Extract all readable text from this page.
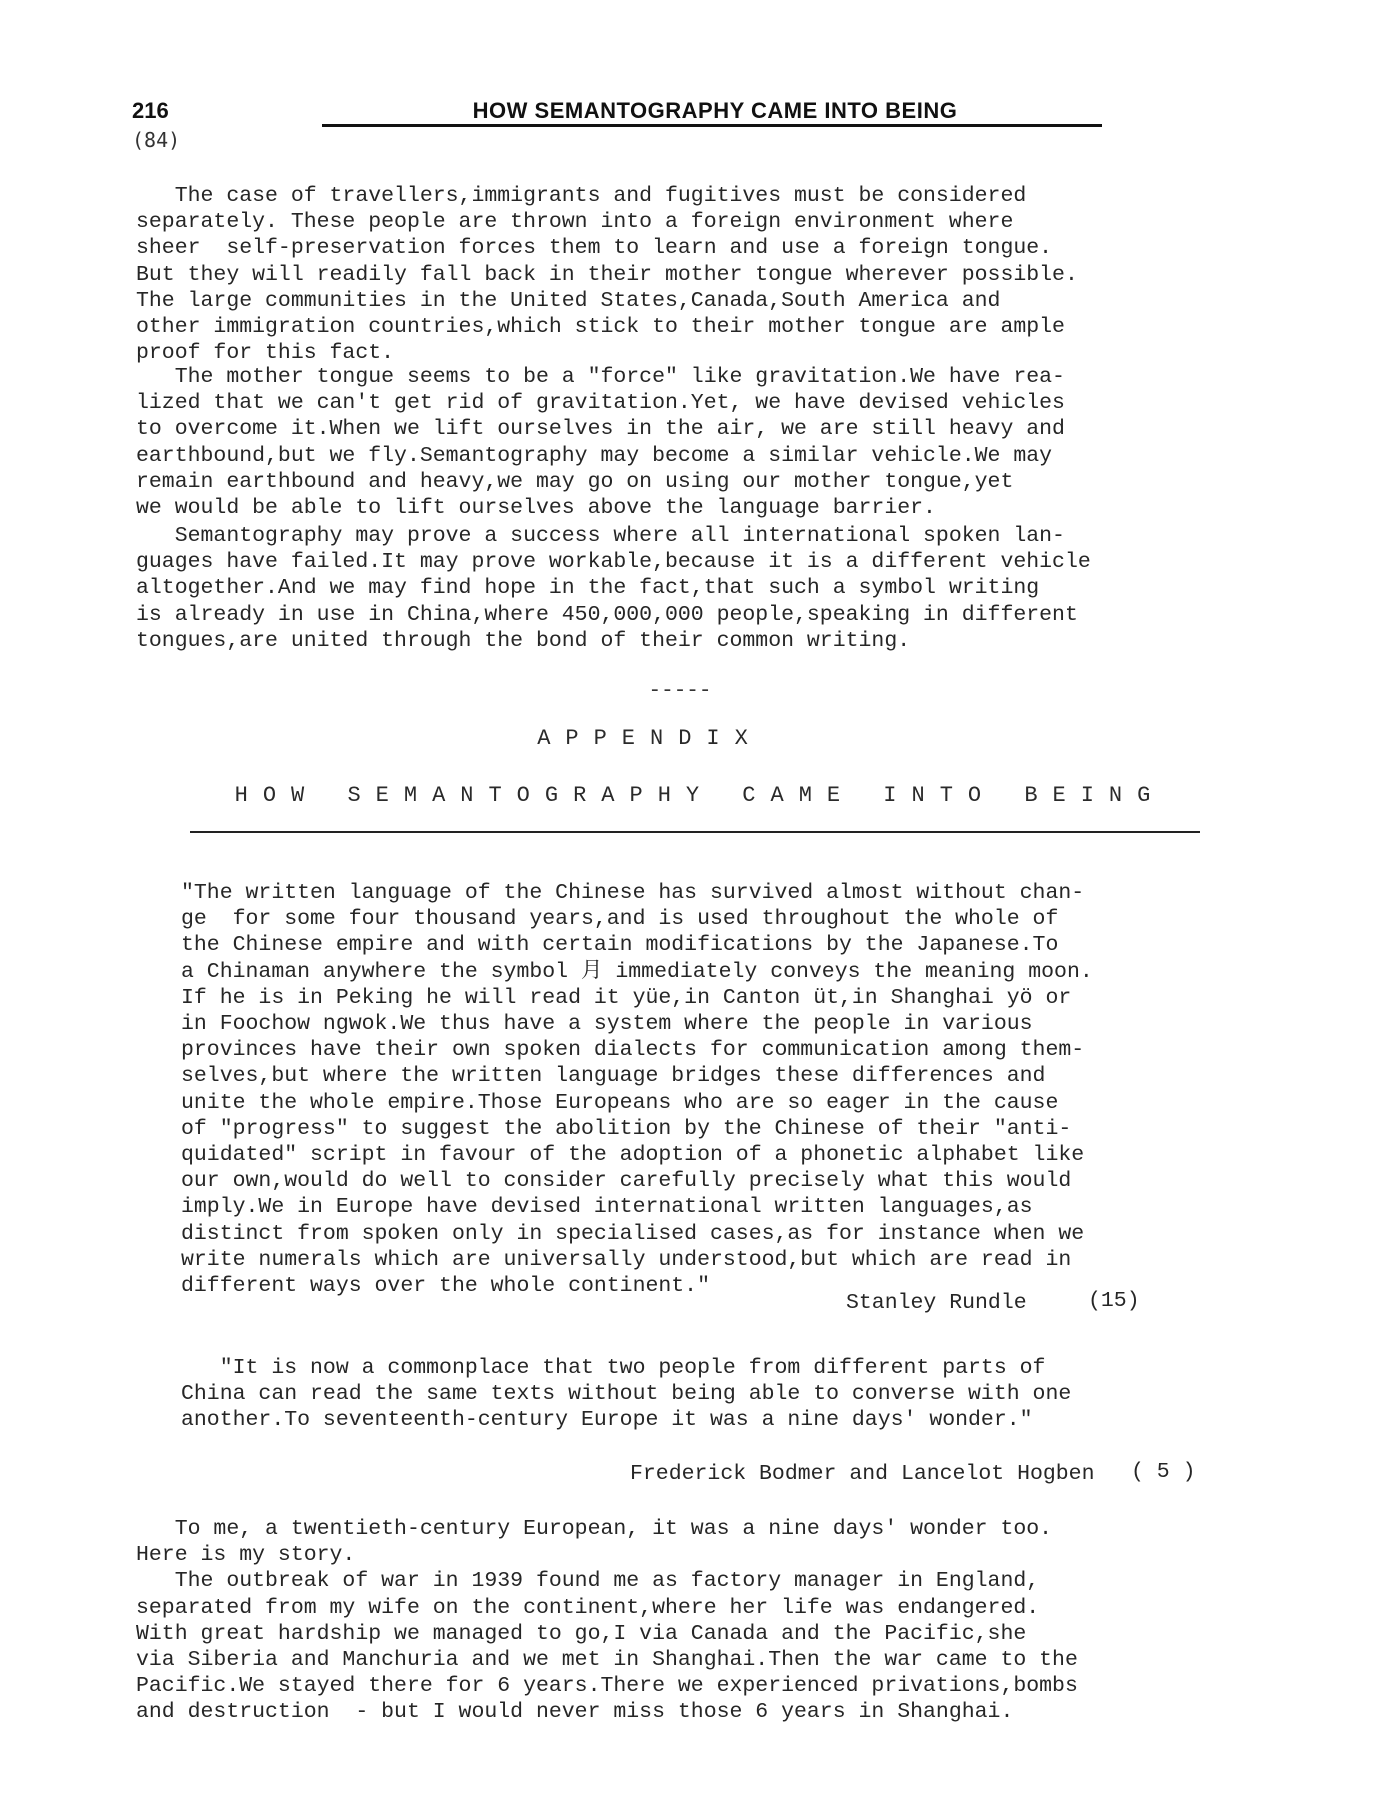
216
(84)
HOW SEMANTOGRAPHY CAME INTO BEING

The case of travellers,immigrants and fugitives must be considered
separately. These people are thrown into a foreign environment where
sheer  self-preservation forces them to learn and use a foreign tongue.
But they will readily fall back in their mother tongue wherever possible.
The large communities in the United States,Canada,South America and
other immigration countries,which stick to their mother tongue are ample
proof for this fact.

The mother tongue seems to be a "force" like gravitation.We have rea-
lized that we can't get rid of gravitation.Yet, we have devised vehicles
to overcome it.When we lift ourselves in the air, we are still heavy and
earthbound,but we fly.Semantography may become a similar vehicle.We may
remain earthbound and heavy,we may go on using our mother tongue,yet
we would be able to lift ourselves above the language barrier.

Semantography may prove a success where all international spoken lan-
guages have failed.It may prove workable,because it is a different vehicle
altogether.And we may find hope in the fact,that such a symbol writing
is already in use in China,where 450,000,000 people,speaking in different
tongues,are united through the bond of their common writing.

-----
APPENDIX
HOW SEMANTOGRAPHY CAME INTO BEING

"The written language of the Chinese has survived almost without chan-
ge  for some four thousand years,and is used throughout the whole of
the Chinese empire and with certain modifications by the Japanese.To
a Chinaman anywhere the symbol 月 immediately conveys the meaning moon.
If he is in Peking he will read it yüe,in Canton üt,in Shanghai yö or
in Foochow ngwok.We thus have a system where the people in various
provinces have their own spoken dialects for communication among them-
selves,but where the written language bridges these differences and
unite the whole empire.Those Europeans who are so eager in the cause
of "progress" to suggest the abolition by the Chinese of their "anti-
quidated" script in favour of the adoption of a phonetic alphabet like
our own,would do well to consider carefully precisely what this would
imply.We in Europe have devised international written languages,as
distinct from spoken only in specialised cases,as for instance when we
write numerals which are universally understood,but which are read in
different ways over the whole continent."

Stanley Rundle	(15)

"It is now a commonplace that two people from different parts of
China can read the same texts without being able to converse with one
another.To seventeenth-century Europe it was a nine days' wonder."

Frederick Bodmer and Lancelot Hogben ( 5 )

To me, a twentieth-century European, it was a nine days' wonder too.
Here is my story.
The outbreak of war in 1939 found me as factory manager in England,
separated from my wife on the continent,where her life was endangered.
With great hardship we managed to go,I via Canada and the Pacific,she
via Siberia and Manchuria and we met in Shanghai.Then the war came to the
Pacific.We stayed there for 6 years.There we experienced privations,bombs
and destruction  - but I would never miss those 6 years in Shanghai.
